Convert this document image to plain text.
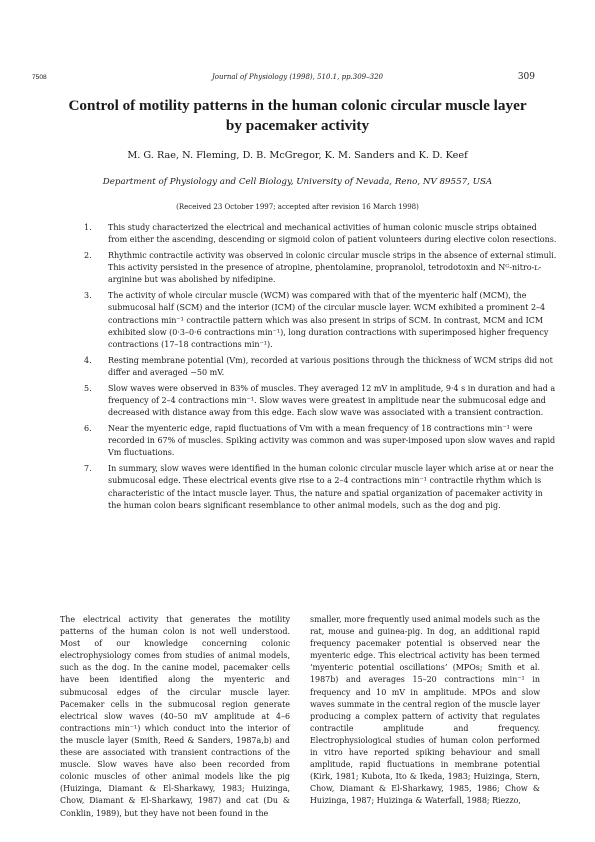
7508	Journal of Physiology (1998), 510.1, pp.309–320	309
Control of motility patterns in the human colonic circular muscle layer by pacemaker activity
M. G. Rae, N. Fleming, D. B. McGregor, K. M. Sanders and K. D. Keef
Department of Physiology and Cell Biology, University of Nevada, Reno, NV 89557, USA
(Received 23 October 1997; accepted after revision 16 March 1998)
1.	This study characterized the electrical and mechanical activities of human colonic muscle strips obtained from either the ascending, descending or sigmoid colon of patient volunteers during elective colon resections.
2.	Rhythmic contractile activity was observed in colonic circular muscle strips in the absence of external stimuli. This activity persisted in the presence of atropine, phentolamine, propranolol, tetrodotoxin and Nᴳ-nitro-ʟ-arginine but was abolished by nifedipine.
3.	The activity of whole circular muscle (WCM) was compared with that of the myenteric half (MCM), the submucosal half (SCM) and the interior (ICM) of the circular muscle layer. WCM exhibited a prominent 2–4 contractions min⁻¹ contractile pattern which was also present in strips of SCM. In contrast, MCM and ICM exhibited slow (0·3–0·6 contractions min⁻¹), long duration contractions with superimposed higher frequency contractions (17–18 contractions min⁻¹).
4.	Resting membrane potential (Vm), recorded at various positions through the thickness of WCM strips did not differ and averaged −50 mV.
5.	Slow waves were observed in 83% of muscles. They averaged 12 mV in amplitude, 9·4 s in duration and had a frequency of 2–4 contractions min⁻¹. Slow waves were greatest in amplitude near the submucosal edge and decreased with distance away from this edge. Each slow wave was associated with a transient contraction.
6.	Near the myenteric edge, rapid fluctuations of Vm with a mean frequency of 18 contractions min⁻¹ were recorded in 67% of muscles. Spiking activity was common and was super-imposed upon slow waves and rapid Vm fluctuations.
7.	In summary, slow waves were identified in the human colonic circular muscle layer which arise at or near the submucosal edge. These electrical events give rise to a 2–4 contractions min⁻¹ contractile rhythm which is characteristic of the intact muscle layer. Thus, the nature and spatial organization of pacemaker activity in the human colon bears significant resemblance to other animal models, such as the dog and pig.
The electrical activity that generates the motility patterns of the human colon is not well understood. Most of our knowledge concerning colonic electrophysiology comes from studies of animal models, such as the dog. In the canine model, pacemaker cells have been identified along the myenteric and submucosal edges of the circular muscle layer. Pacemaker cells in the submucosal region generate electrical slow waves (40–50 mV amplitude at 4–6 contractions min⁻¹) which conduct into the interior of the muscle layer (Smith, Reed & Sanders, 1987a,b) and these are associated with transient contractions of the muscle. Slow waves have also been recorded from colonic muscles of other animal models like the pig (Huizinga, Diamant & El-Sharkawy, 1983; Huizinga, Chow, Diamant & El-Sharkawy, 1987) and cat (Du & Conklin, 1989), but they have not been found in the
smaller, more frequently used animal models such as the rat, mouse and guinea-pig. In dog, an additional rapid frequency pacemaker potential is observed near the myenteric edge. This electrical activity has been termed ‘myenteric potential oscillations’ (MPOs; Smith et al. 1987b) and averages 15–20 contractions min⁻¹ in frequency and 10 mV in amplitude. MPOs and slow waves summate in the central region of the muscle layer producing a complex pattern of activity that regulates contractile amplitude and frequency. Electrophysiological studies of human colon performed in vitro have reported spiking behaviour and small amplitude, rapid fluctuations in membrane potential (Kirk, 1981; Kubota, Ito & Ikeda, 1983; Huizinga, Stern, Chow, Diamant & El-Sharkawy, 1985, 1986; Chow & Huizinga, 1987; Huizinga & Waterfall, 1988; Riezzo,
